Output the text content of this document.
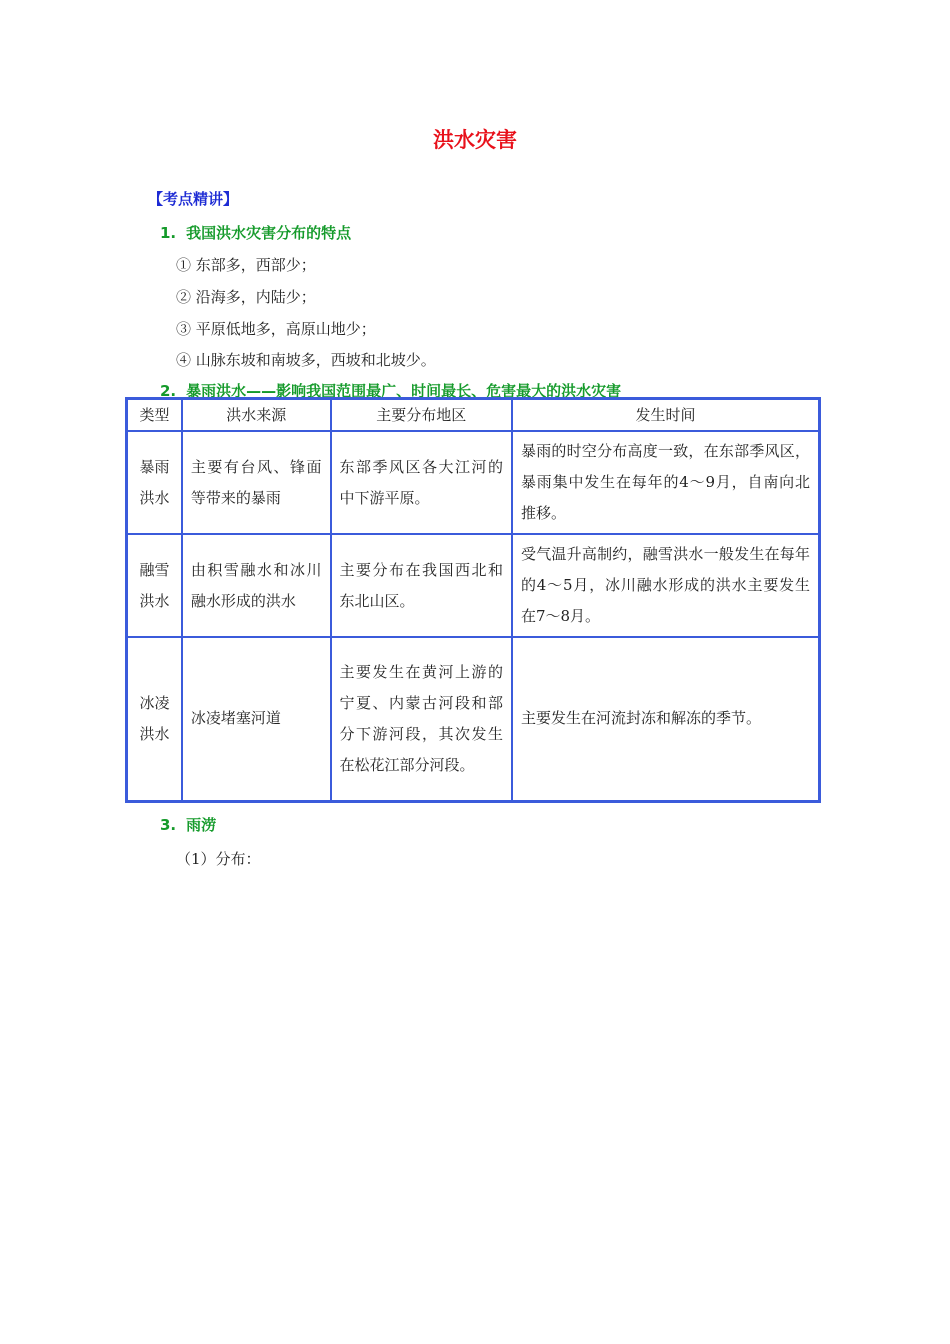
洪水灾害
【考点精讲】
1. 我国洪水灾害分布的特点
① 东部多，西部少；
② 沿海多，内陆少；
③ 平原低地多，高原山地少；
④ 山脉东坡和南坡多，西坡和北坡少。
2. 暴雨洪水——影响我国范围最广、时间最长、危害最大的洪水灾害
类型	洪水来源	主要分布地区	发生时间
暴雨洪水	主要有台风、锋面等带来的暴雨	东部季风区各大江河的中下游平原。	暴雨的时空分布高度一致，在东部季风区，暴雨集中发生在每年的4～9月，自南向北推移。
融雪洪水	由积雪融水和冰川融水形成的洪水	主要分布在我国西北和东北山区。	受气温升高制约，融雪洪水一般发生在每年的4～5月，冰川融水形成的洪水主要发生在7～8月。
冰凌洪水	冰凌堵塞河道	主要发生在黄河上游的宁夏、内蒙古河段和部分下游河段，其次发生在松花江部分河段。	主要发生在河流封冻和解冻的季节。
3. 雨涝
（1）分布：
